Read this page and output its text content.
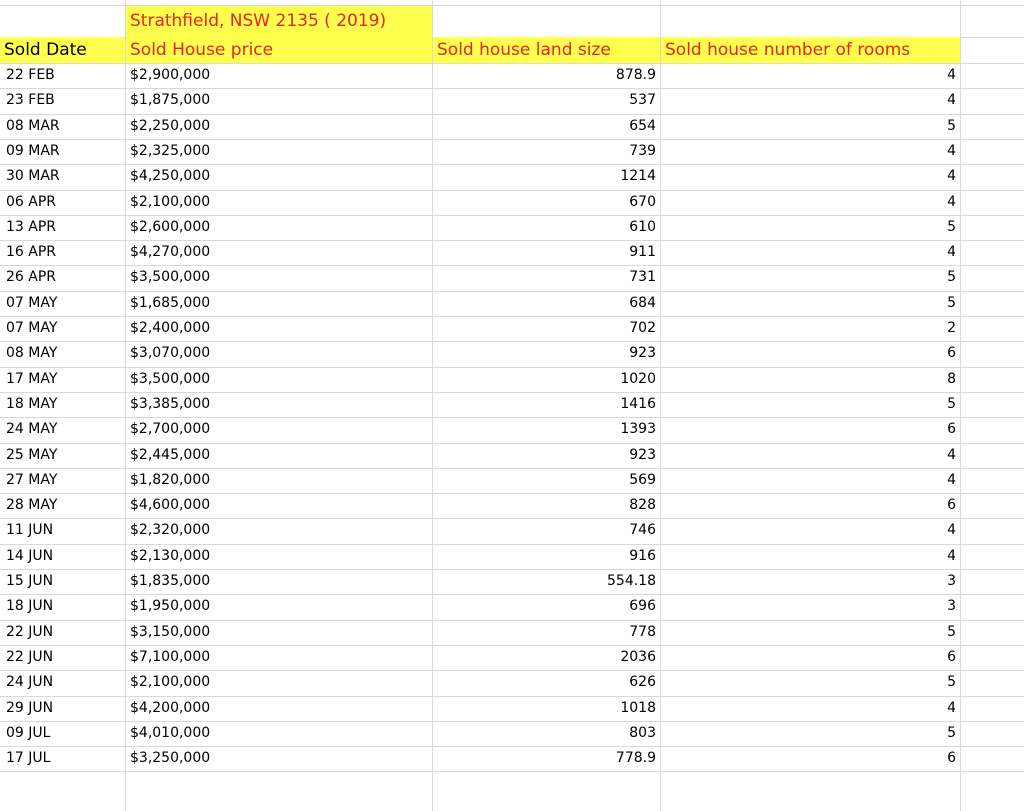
Strathfield, NSW 2135 ( 2019)
Sold Date	Sold House price	Sold house land size	Sold house number of rooms
22 FEB	$2,900,000	878.9	4
23 FEB	$1,875,000	537	4
08 MAR	$2,250,000	654	5
09 MAR	$2,325,000	739	4
30 MAR	$4,250,000	1214	4
06 APR	$2,100,000	670	4
13 APR	$2,600,000	610	5
16 APR	$4,270,000	911	4
26 APR	$3,500,000	731	5
07 MAY	$1,685,000	684	5
07 MAY	$2,400,000	702	2
08 MAY	$3,070,000	923	6
17 MAY	$3,500,000	1020	8
18 MAY	$3,385,000	1416	5
24 MAY	$2,700,000	1393	6
25 MAY	$2,445,000	923	4
27 MAY	$1,820,000	569	4
28 MAY	$4,600,000	828	6
11 JUN	$2,320,000	746	4
14 JUN	$2,130,000	916	4
15 JUN	$1,835,000	554.18	3
18 JUN	$1,950,000	696	3
22 JUN	$3,150,000	778	5
22 JUN	$7,100,000	2036	6
24 JUN	$2,100,000	626	5
29 JUN	$4,200,000	1018	4
09 JUL	$4,010,000	803	5
17 JUL	$3,250,000	778.9	6
